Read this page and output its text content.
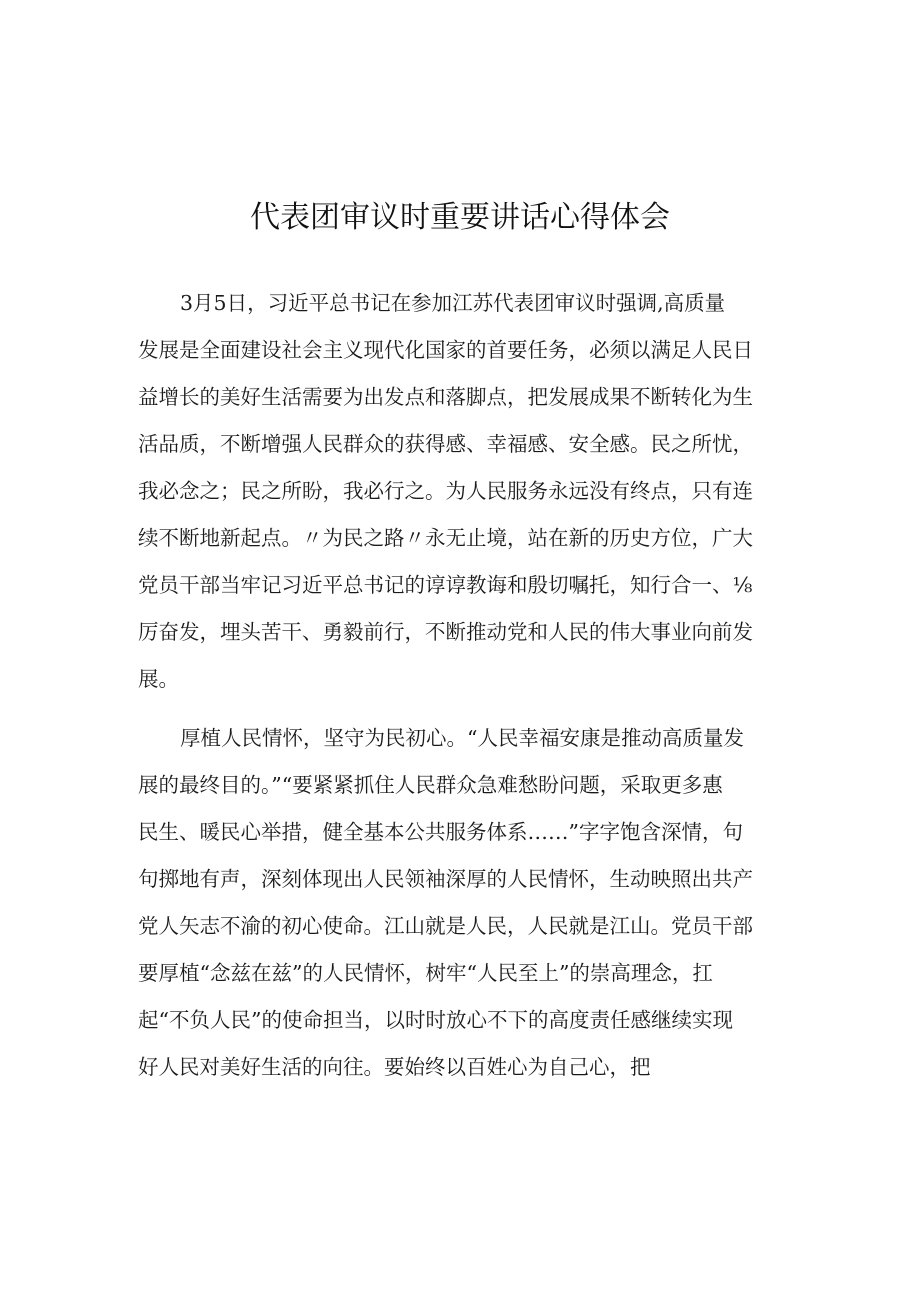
代表团审议时重要讲话心得体会
3月5日，习近平总书记在参加江苏代表团审议时强调,高质量
发展是全面建设社会主义现代化国家的首要任务，必须以满足人民日
益增长的美好生活需要为出发点和落脚点，把发展成果不断转化为生
活品质，不断增强人民群众的获得感、幸福感、安全感。民之所忧，
我必念之；民之所盼，我必行之。为人民服务永远没有终点，只有连
续不断地新起点。〃为民之路〃永无止境，站在新的历史方位，广大
党员干部当牢记习近平总书记的谆谆教诲和殷切嘱托，知行合一、⅛
厉奋发，埋头苦干、勇毅前行，不断推动党和人民的伟大事业向前发
展。
厚植人民情怀，坚守为民初心。“人民幸福安康是推动高质量发
展的最终目的。”“要紧紧抓住人民群众急难愁盼问题，采取更多惠
民生、暖民心举措，健全基本公共服务体系……”字字饱含深情，句
句掷地有声，深刻体现出人民领袖深厚的人民情怀，生动映照出共产
党人矢志不渝的初心使命。江山就是人民，人民就是江山。党员干部
要厚植“念兹在兹”的人民情怀，树牢“人民至上”的崇高理念，扛
起“不负人民”的使命担当，以时时放心不下的高度责任感继续实现
好人民对美好生活的向往。要始终以百姓心为自己心，把
